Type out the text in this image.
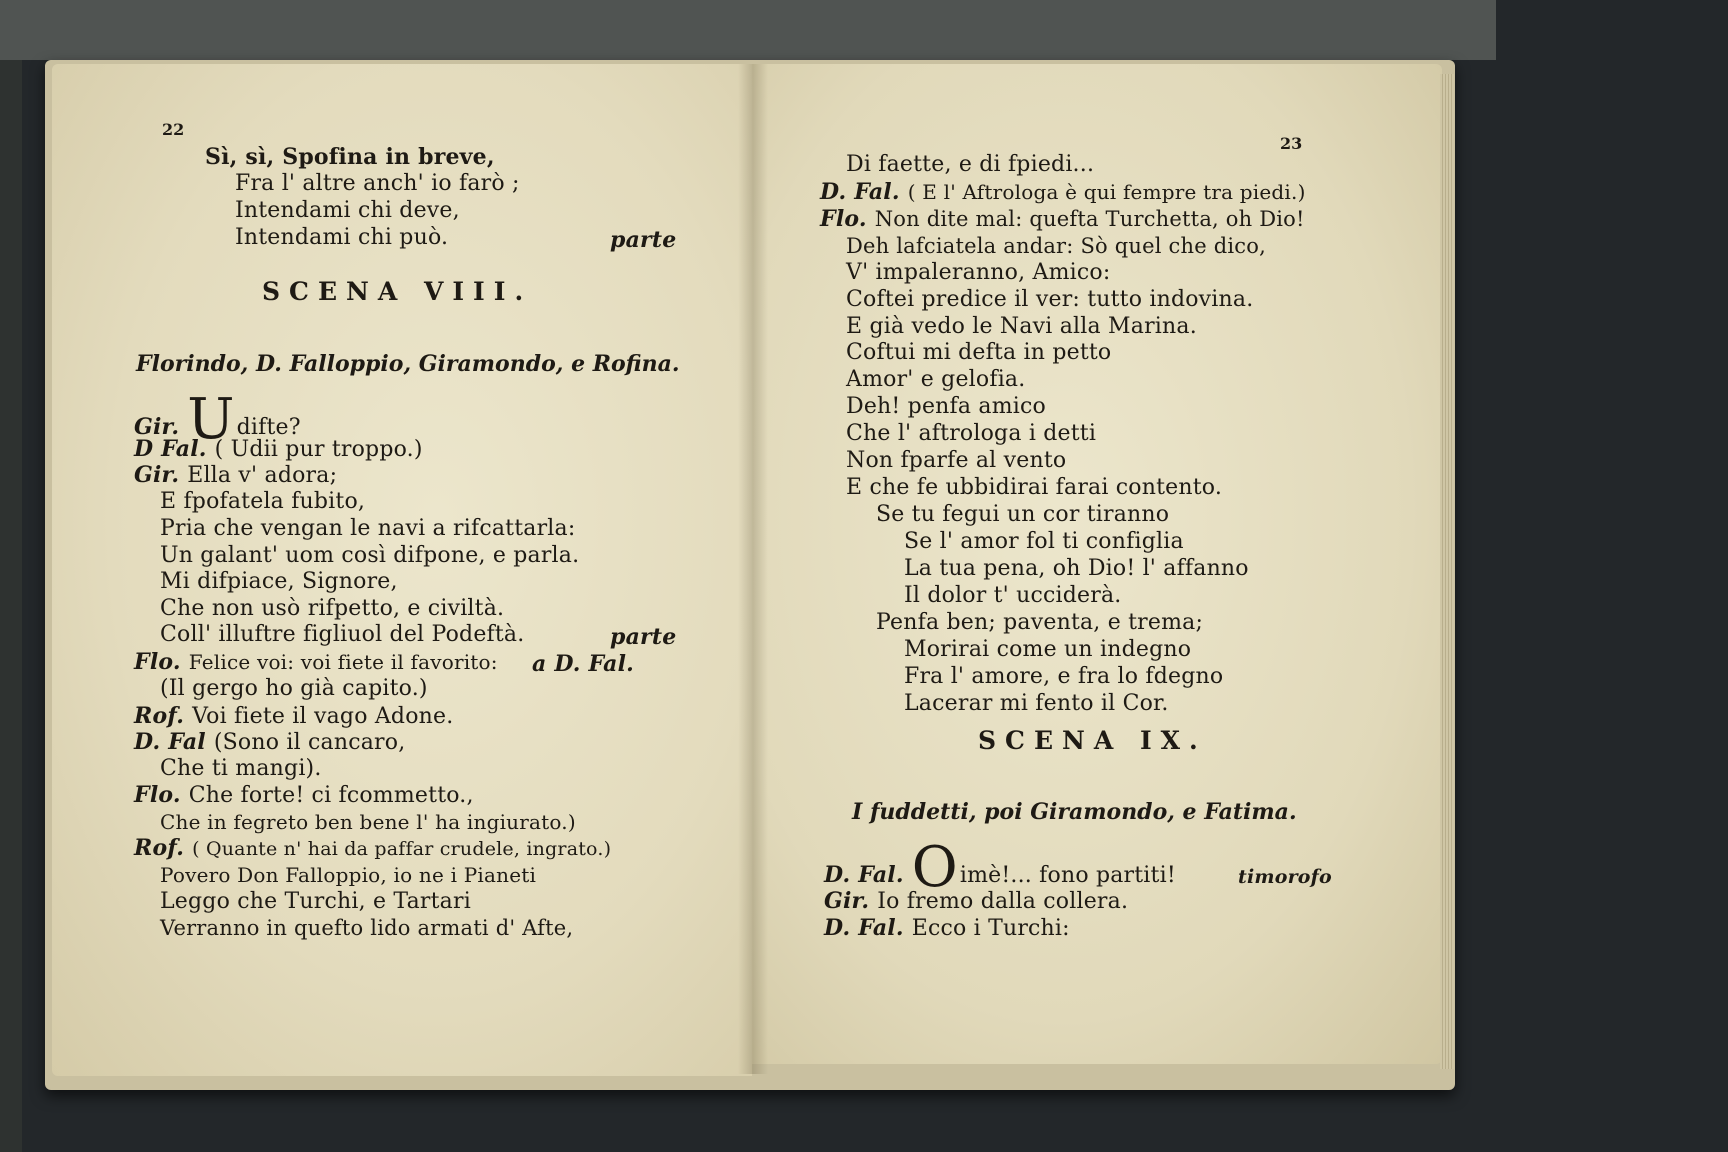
22

Sì, sì, Spofina in breve,

Fra l' altre anch' io farò ;

Intendami chi deve,

Intendami chi può.	parte

SCENA VIII.

Florindo, D. Falloppio, Giramondo, e Rofina.

Gir. Udifte?

D Fal. ( Udii pur troppo.)

Gir. Ella v' adora;

E fpofatela fubito,

Pria che vengan le navi a rifcattarla:

Un galant' uom così difpone, e parla.

Mi difpiace, Signore,

Che non usò rifpetto, e civiltà.

Coll' illuftre figliuol del Podeftà.	parte

Flo. Felice voi: voi fiete il favorito: a D. Fal.

(Il gergo ho già capito.)

Rof. Voi fiete il vago Adone.

D. Fal (Sono il cancaro,

Che ti mangi).

Flo. Che forte! ci fcommetto.,

Che in fegreto ben bene l' ha ingiurato.)

Rof. ( Quante n' hai da paffar crudele, ingrato.)

Povero Don Falloppio, io ne i Pianeti

Leggo che Turchi, e Tartari

Verranno in quefto lido armati d' Afte,

23

Di faette, e di fpiedi...

D. Fal. ( E l' Aftrologa è qui fempre tra piedi.)

Flo. Non dite mal: quefta Turchetta, oh Dio!

Deh lafciatela andar: Sò quel che dico,

V' impaleranno, Amico:

Coftei predice il ver: tutto indovina.

E già vedo le Navi alla Marina.

Coftui mi defta in petto

Amor' e gelofia.

Deh! penfa amico

Che l' aftrologa i detti

Non fparfe al vento

E che fe ubbidirai farai contento.

Se tu fegui un cor tiranno

Se l' amor fol ti configlia

La tua pena, oh Dio! l' affanno

Il dolor t' ucciderà.

Penfa ben; paventa, e trema;

Morirai come un indegno

Fra l' amore, e fra lo fdegno

Lacerar mi fento il Cor.

SCENA IX.

I fuddetti, poi Giramondo, e Fatima.

D. Fal. Oimè!... fono partiti!	timorofo

Gir. Io fremo dalla collera.

D. Fal. Ecco i Turchi:
